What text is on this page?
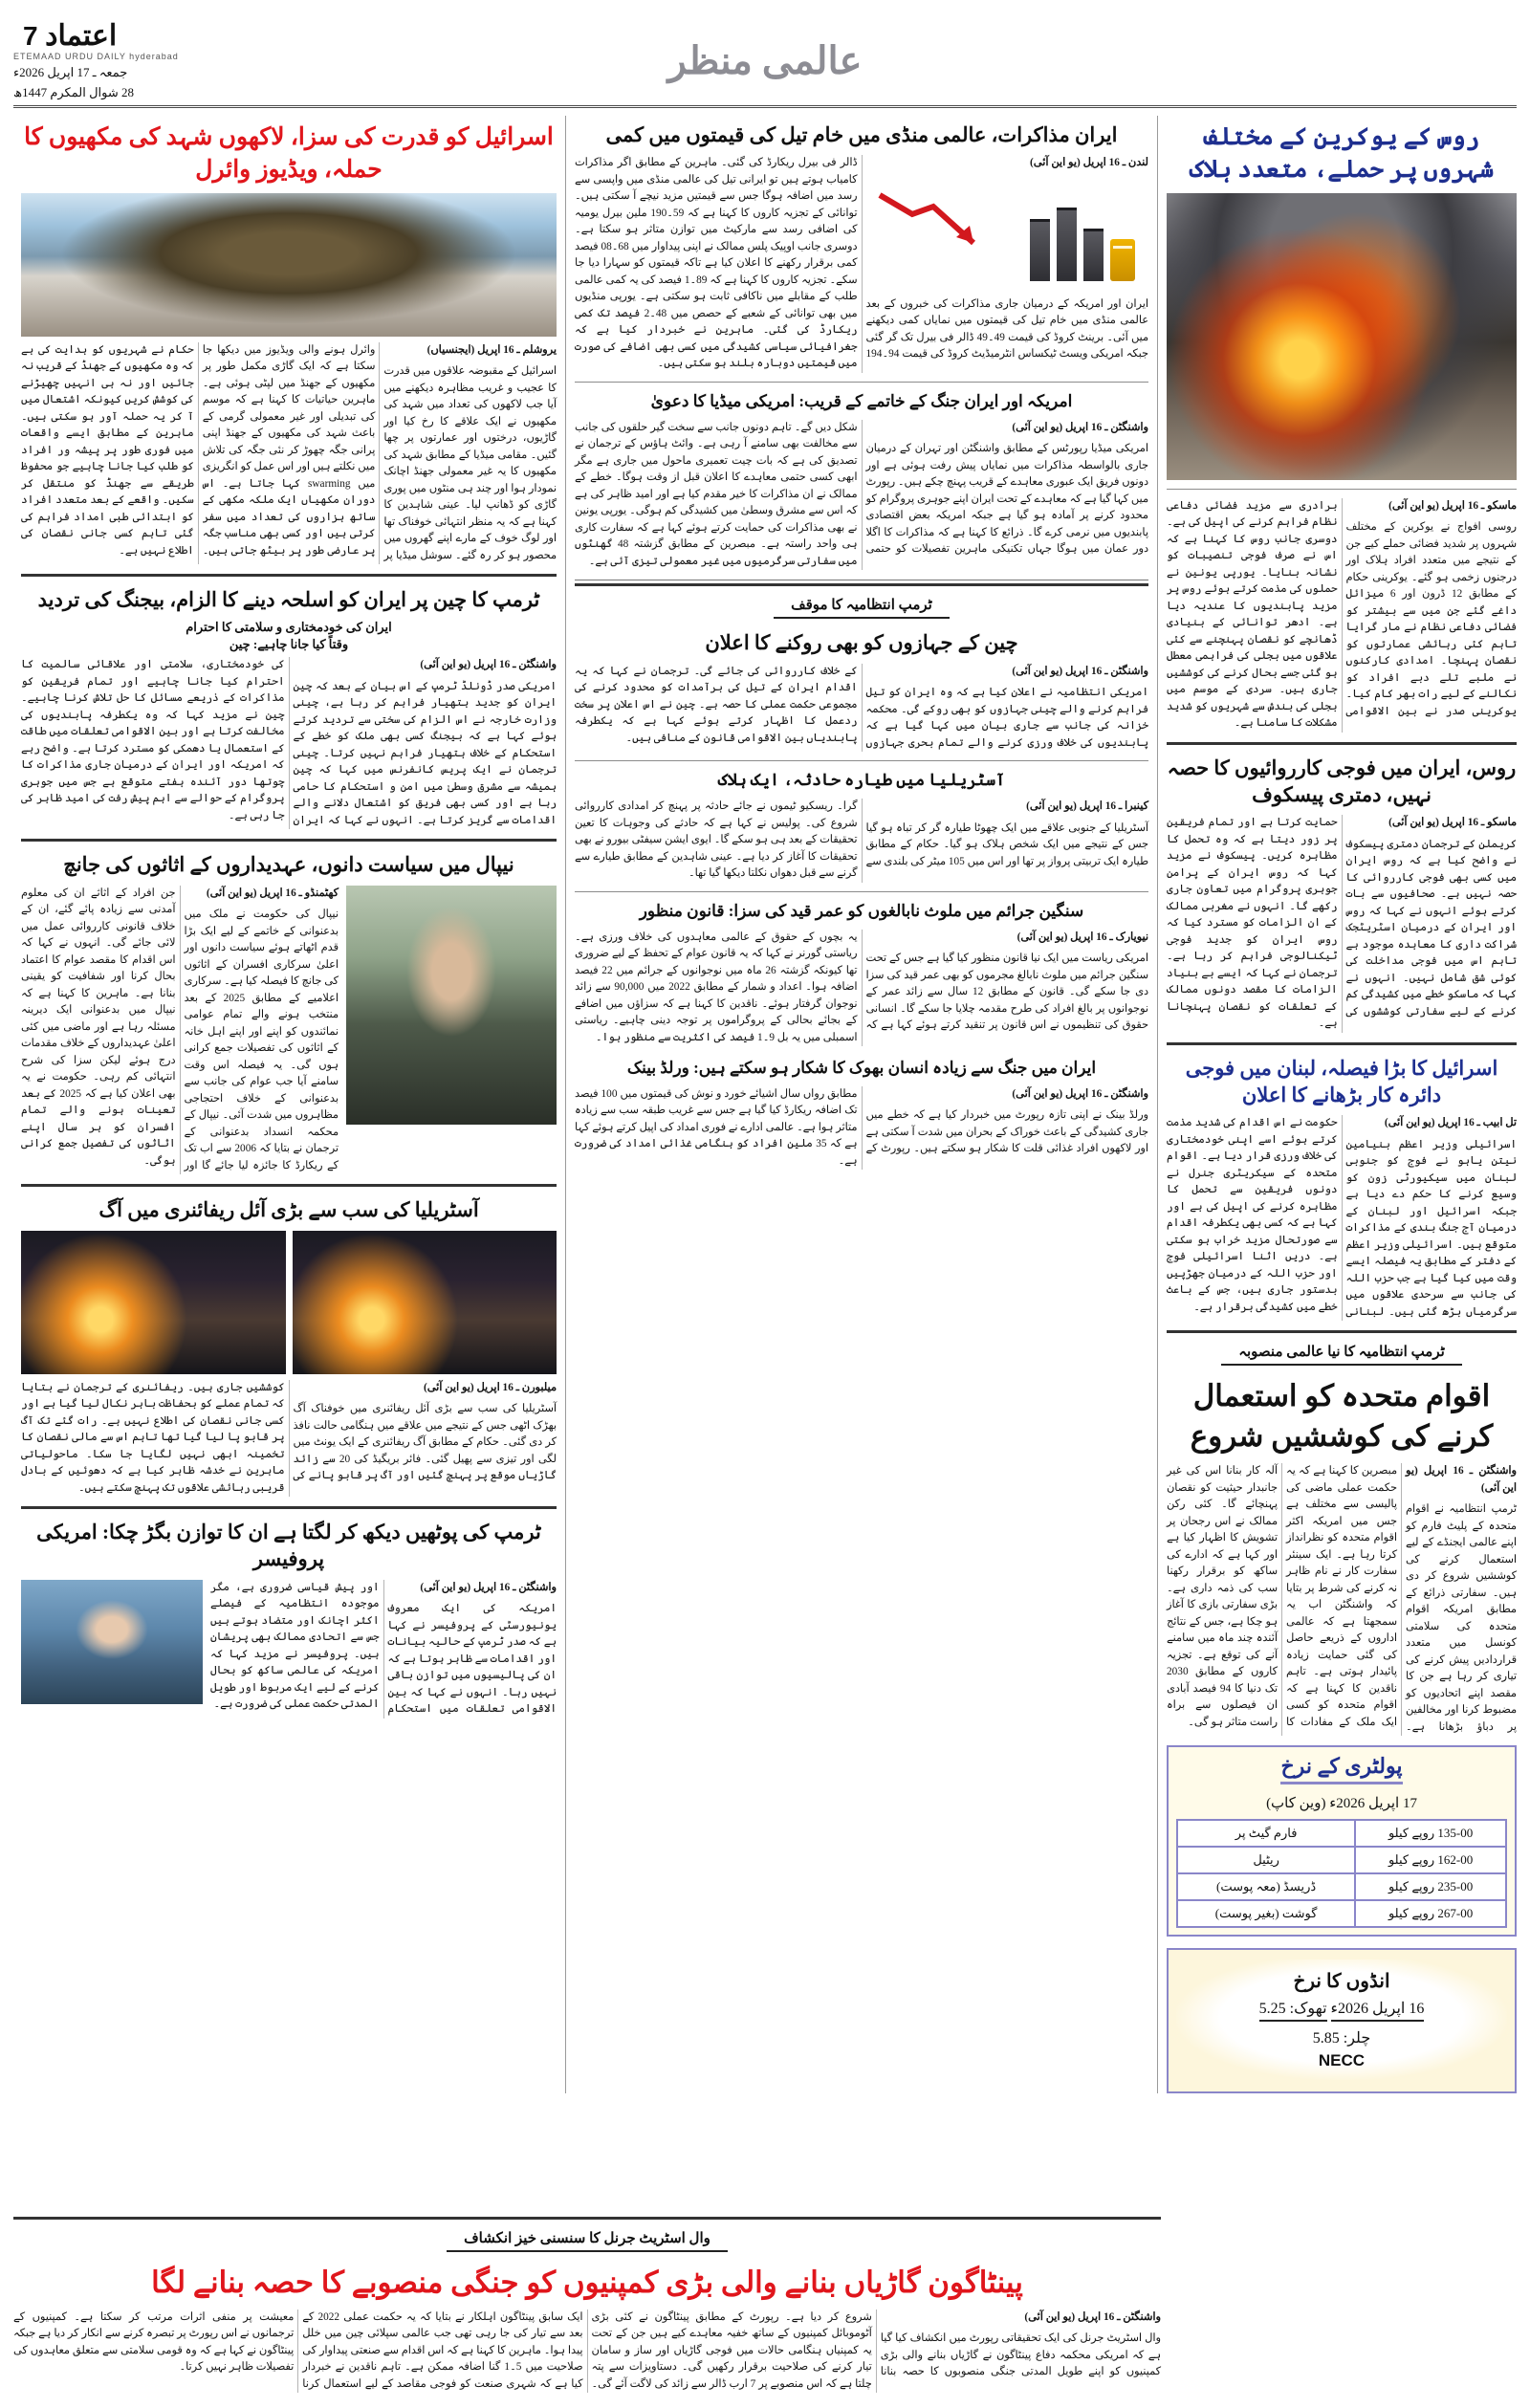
اعتماد 7
ETEMAAD URDU DAILY hyderabad
جمعہ ـ 17 اپریل 2026ء
28 شوال المکرم 1447ھ
عالمی منظر
روس کے یوکرین کے مختلف شہروں پر حملے، متعدد ہلاک

ماسکو ـ 16 اپریل (یو این آئی)

روسی افواج نے یوکرین کے مختلف شہروں پر شدید فضائی حملے کیے جن کے نتیجے میں متعدد افراد ہلاک اور درجنوں زخمی ہو گئے۔ یوکرینی حکام کے مطابق 12 ڈرون اور 6 میزائل داغے گئے جن میں سے بیشتر کو فضائی دفاعی نظام نے مار گرایا تاہم کئی رہائشی عمارتوں کو نقصان پہنچا۔ امدادی کارکنوں نے ملبے تلے دبے افراد کو نکالنے کے لیے رات بھر کام کیا۔ یوکرینی صدر نے بین الاقوامی برادری سے مزید فضائی دفاعی نظام فراہم کرنے کی اپیل کی ہے۔ دوسری جانب روس کا کہنا ہے کہ اس نے صرف فوجی تنصیبات کو نشانہ بنایا۔ یورپی یونین نے حملوں کی مذمت کرتے ہوئے روس پر مزید پابندیوں کا عندیہ دیا ہے۔ ادھر توانائی کے بنیادی ڈھانچے کو نقصان پہنچنے سے کئی علاقوں میں بجلی کی فراہمی معطل ہو گئی جسے بحال کرنے کی کوششیں جاری ہیں۔ سردی کے موسم میں بجلی کی بندش سے شہریوں کو شدید مشکلات کا سامنا ہے۔

روس، ایران میں فوجی کارروائیوں کا حصہ نہیں، دمتری پیسکوف

ماسکو ـ 16 اپریل (یو این آئی)

کریملن کے ترجمان دمتری پیسکوف نے واضح کیا ہے کہ روس ایران میں کسی بھی فوجی کارروائی کا حصہ نہیں ہے۔ صحافیوں سے بات کرتے ہوئے انہوں نے کہا کہ روس اور ایران کے درمیان اسٹریٹجک شراکت داری کا معاہدہ موجود ہے تاہم اس میں فوجی مداخلت کی کوئی شق شامل نہیں۔ انہوں نے کہا کہ ماسکو خطے میں کشیدگی کم کرنے کے لیے سفارتی کوششوں کی حمایت کرتا ہے اور تمام فریقین پر زور دیتا ہے کہ وہ تحمل کا مظاہرہ کریں۔ پیسکوف نے مزید کہا کہ روس ایران کے پرامن جوہری پروگرام میں تعاون جاری رکھے گا۔ انہوں نے مغربی ممالک کے ان الزامات کو مسترد کیا کہ روس ایران کو جدید فوجی ٹیکنالوجی فراہم کر رہا ہے۔ ترجمان نے کہا کہ ایسے بے بنیاد الزامات کا مقصد دونوں ممالک کے تعلقات کو نقصان پہنچانا ہے۔

اسرائیل کا بڑا فیصلہ، لبنان میں فوجی دائرہ کار بڑھانے کا اعلان

تل ابیب ـ 16 اپریل (یو این آئی)

اسرائیلی وزیر اعظم بنیامین نیتن یاہو نے فوج کو جنوبی لبنان میں سیکیورٹی زون کو وسیع کرنے کا حکم دے دیا ہے جبکہ اسرائیل اور لبنان کے درمیان آج جنگ بندی کے مذاکرات متوقع ہیں۔ اسرائیلی وزیر اعظم کے دفتر کے مطابق یہ فیصلہ ایسے وقت میں کیا گیا ہے جب حزب اللہ کی جانب سے سرحدی علاقوں میں سرگرمیاں بڑھ گئی ہیں۔ لبنانی حکومت نے اس اقدام کی شدید مذمت کرتے ہوئے اسے اپنی خودمختاری کی خلاف ورزی قرار دیا ہے۔ اقوام متحدہ کے سیکریٹری جنرل نے دونوں فریقین سے تحمل کا مظاہرہ کرنے کی اپیل کی ہے اور کہا ہے کہ کسی بھی یکطرفہ اقدام سے صورتحال مزید خراب ہو سکتی ہے۔ دریں اثنا اسرائیلی فوج اور حزب اللہ کے درمیان جھڑپیں بدستور جاری ہیں، جس کے باعث خطے میں کشیدگی برقرار ہے۔

ٹرمپ انتظامیہ کا نیا عالمی منصوبہ
اقوام متحدہ کو استعمال کرنے کی کوششیں شروع

واشنگٹن ـ 16 اپریل (یو این آئی)

ٹرمپ انتظامیہ نے اقوام متحدہ کے پلیٹ فارم کو اپنے عالمی ایجنڈے کے لیے استعمال کرنے کی کوششیں شروع کر دی ہیں۔ سفارتی ذرائع کے مطابق امریکہ اقوام متحدہ کی سلامتی کونسل میں متعدد قراردادیں پیش کرنے کی تیاری کر رہا ہے جن کا مقصد اپنے اتحادیوں کو مضبوط کرنا اور مخالفین پر دباؤ بڑھانا ہے۔ مبصرین کا کہنا ہے کہ یہ حکمت عملی ماضی کی پالیسی سے مختلف ہے جس میں امریکہ اکثر اقوام متحدہ کو نظرانداز کرتا رہا ہے۔ ایک سینئر سفارت کار نے نام ظاہر نہ کرنے کی شرط پر بتایا کہ واشنگٹن اب یہ سمجھتا ہے کہ عالمی اداروں کے ذریعے حاصل کی گئی حمایت زیادہ پائیدار ہوتی ہے۔ تاہم ناقدین کا کہنا ہے کہ اقوام متحدہ کو کسی ایک ملک کے مفادات کا آلہ کار بنانا اس کی غیر جانبدار حیثیت کو نقصان پہنچائے گا۔ کئی رکن ممالک نے اس رجحان پر تشویش کا اظہار کیا ہے اور کہا ہے کہ ادارے کی ساکھ کو برقرار رکھنا سب کی ذمہ داری ہے۔ بڑی سفارتی بازی کا آغاز ہو چکا ہے، جس کے نتائج آئندہ چند ماہ میں سامنے آنے کی توقع ہے۔ تجزیہ کاروں کے مطابق 2030 تک دنیا کا 94 فیصد آبادی ان فیصلوں سے براہ راست متاثر ہو گی۔

پولٹری کے نرخ
17 اپریل 2026ء (وین کاپ)
135-00 روپے کیلو	فارم گیٹ پر
162-00 روپے کیلو	ریٹیل
235-00 روپے کیلو	ڈریسڈ (معہ پوست)
267-00 روپے کیلو	گوشت (بغیر پوست)
انڈوں کا نرخ
16 اپریل 2026ء تھوک: 5.25
چلر: 5.85
NECC
ایران مذاکرات، عالمی منڈی میں خام تیل کی قیمتوں میں کمی

لندن ـ 16 اپریل (یو این آئی)

ایران اور امریکہ کے درمیان جاری مذاکرات کی خبروں کے بعد عالمی منڈی میں خام تیل کی قیمتوں میں نمایاں کمی دیکھنے میں آئی۔ برینٹ کروڈ کی قیمت 49۔49 ڈالر فی بیرل تک گر گئی جبکہ امریکی ویسٹ ٹیکساس انٹرمیڈیٹ کروڈ کی قیمت 94۔194 ڈالر فی بیرل ریکارڈ کی گئی۔ ماہرین کے مطابق اگر مذاکرات کامیاب ہوتے ہیں تو ایرانی تیل کی عالمی منڈی میں واپسی سے رسد میں اضافہ ہوگا جس سے قیمتیں مزید نیچے آ سکتی ہیں۔ توانائی کے تجزیہ کاروں کا کہنا ہے کہ 59۔190 ملین بیرل یومیہ کی اضافی رسد سے مارکیٹ میں توازن متاثر ہو سکتا ہے۔ دوسری جانب اوپیک پلس ممالک نے اپنی پیداوار میں 68۔08 فیصد کمی برقرار رکھنے کا اعلان کیا ہے تاکہ قیمتوں کو سہارا دیا جا سکے۔ تجزیہ کاروں کا کہنا ہے کہ 89۔1 فیصد کی یہ کمی عالمی طلب کے مقابلے میں ناکافی ثابت ہو سکتی ہے۔ یورپی منڈیوں میں بھی توانائی کے شعبے کے حصص میں 48۔2 فیصد تک کمی ریکارڈ کی گئی۔ ماہرین نے خبردار کیا ہے کہ جغرافیائی سیاسی کشیدگی میں کسی بھی اضافے کی صورت میں قیمتیں دوبارہ بلند ہو سکتی ہیں۔

امریکہ اور ایران جنگ کے خاتمے کے قریب: امریکی میڈیا کا دعویٰ

واشنگٹن ـ 16 اپریل (یو این آئی)

امریکی میڈیا رپورٹس کے مطابق واشنگٹن اور تہران کے درمیان جاری بالواسطہ مذاکرات میں نمایاں پیش رفت ہوئی ہے اور دونوں فریق ایک عبوری معاہدے کے قریب پہنچ چکے ہیں۔ رپورٹ میں کہا گیا ہے کہ معاہدے کے تحت ایران اپنے جوہری پروگرام کو محدود کرنے پر آمادہ ہو گیا ہے جبکہ امریکہ بعض اقتصادی پابندیوں میں نرمی کرے گا۔ ذرائع کا کہنا ہے کہ مذاکرات کا اگلا دور عمان میں ہوگا جہاں تکنیکی ماہرین تفصیلات کو حتمی شکل دیں گے۔ تاہم دونوں جانب سے سخت گیر حلقوں کی جانب سے مخالفت بھی سامنے آ رہی ہے۔ وائٹ ہاؤس کے ترجمان نے تصدیق کی ہے کہ بات چیت تعمیری ماحول میں جاری ہے مگر ابھی کسی حتمی معاہدے کا اعلان قبل از وقت ہوگا۔ خطے کے ممالک نے ان مذاکرات کا خیر مقدم کیا ہے اور امید ظاہر کی ہے کہ اس سے مشرق وسطیٰ میں کشیدگی کم ہوگی۔ یورپی یونین نے بھی مذاکرات کی حمایت کرتے ہوئے کہا ہے کہ سفارت کاری ہی واحد راستہ ہے۔ مبصرین کے مطابق گزشتہ 48 گھنٹوں میں سفارتی سرگرمیوں میں غیر معمولی تیزی آئی ہے۔

ٹرمپ انتظامیہ کا موقف
چین کے جہازوں کو بھی روکنے کا اعلان

واشنگٹن ـ 16 اپریل (یو این آئی)

امریکی انتظامیہ نے اعلان کیا ہے کہ وہ ایران کو تیل فراہم کرنے والے چینی جہازوں کو بھی روکے گی۔ محکمہ خزانہ کی جانب سے جاری بیان میں کہا گیا ہے کہ پابندیوں کی خلاف ورزی کرنے والے تمام بحری جہازوں کے خلاف کارروائی کی جائے گی۔ ترجمان نے کہا کہ یہ اقدام ایران کے تیل کی برآمدات کو محدود کرنے کی مجموعی حکمت عملی کا حصہ ہے۔ چین نے اس اعلان پر سخت ردعمل کا اظہار کرتے ہوئے کہا ہے کہ یکطرفہ پابندیاں بین الاقوامی قانون کے منافی ہیں۔

آسٹریلیا میں طیارہ حادثہ، ایک ہلاک

کینبرا ـ 16 اپریل (یو این آئی)

آسٹریلیا کے جنوبی علاقے میں ایک چھوٹا طیارہ گر کر تباہ ہو گیا جس کے نتیجے میں ایک شخص ہلاک ہو گیا۔ حکام کے مطابق طیارہ ایک تربیتی پرواز پر تھا اور اس میں 105 میٹر کی بلندی سے گرا۔ ریسکیو ٹیموں نے جائے حادثہ پر پہنچ کر امدادی کارروائی شروع کی۔ پولیس نے کہا ہے کہ حادثے کی وجوہات کا تعین تحقیقات کے بعد ہی ہو سکے گا۔ ایوی ایشن سیفٹی بیورو نے بھی تحقیقات کا آغاز کر دیا ہے۔ عینی شاہدین کے مطابق طیارے سے گرنے سے قبل دھواں نکلتا دیکھا گیا تھا۔

سنگین جرائم میں ملوث نابالغوں کو عمر قید کی سزا: قانون منظور

نیویارک ـ 16 اپریل (یو این آئی)

امریکی ریاست میں ایک نیا قانون منظور کیا گیا ہے جس کے تحت سنگین جرائم میں ملوث نابالغ مجرموں کو بھی عمر قید کی سزا دی جا سکے گی۔ قانون کے مطابق 12 سال سے زائد عمر کے نوجوانوں پر بالغ افراد کی طرح مقدمہ چلایا جا سکے گا۔ انسانی حقوق کی تنظیموں نے اس قانون پر تنقید کرتے ہوئے کہا ہے کہ یہ بچوں کے حقوق کے عالمی معاہدوں کی خلاف ورزی ہے۔ ریاستی گورنر نے کہا کہ یہ قانون عوام کے تحفظ کے لیے ضروری تھا کیونکہ گزشتہ 26 ماہ میں نوجوانوں کے جرائم میں 22 فیصد اضافہ ہوا۔ اعداد و شمار کے مطابق 2022 میں 90,000 سے زائد نوجوان گرفتار ہوئے۔ ناقدین کا کہنا ہے کہ سزاؤں میں اضافے کے بجائے بحالی کے پروگراموں پر توجہ دینی چاہیے۔ ریاستی اسمبلی میں یہ بل 9۔1 فیصد کی اکثریت سے منظور ہوا۔

ایران میں جنگ سے زیادہ انسان بھوک کا شکار ہو سکتے ہیں: ورلڈ بینک

واشنگٹن ـ 16 اپریل (یو این آئی)

ورلڈ بینک نے اپنی تازہ رپورٹ میں خبردار کیا ہے کہ خطے میں جاری کشیدگی کے باعث خوراک کے بحران میں شدت آ سکتی ہے اور لاکھوں افراد غذائی قلت کا شکار ہو سکتے ہیں۔ رپورٹ کے مطابق رواں سال اشیائے خورد و نوش کی قیمتوں میں 100 فیصد تک اضافہ ریکارڈ کیا گیا ہے جس سے غریب طبقہ سب سے زیادہ متاثر ہوا ہے۔ عالمی ادارے نے فوری امداد کی اپیل کرتے ہوئے کہا ہے کہ 35 ملین افراد کو ہنگامی غذائی امداد کی ضرورت ہے۔

اسرائیل کو قدرت کی سزا، لاکھوں شہد کی مکھیوں کا حملہ، ویڈیوز وائرل

یروشلم ـ 16 اپریل (ایجنسیاں)

اسرائیل کے مقبوضہ علاقوں میں قدرت کا عجیب و غریب مظاہرہ دیکھنے میں آیا جب لاکھوں کی تعداد میں شہد کی مکھیوں نے ایک علاقے کا رخ کیا اور گاڑیوں، درختوں اور عمارتوں پر چھا گئیں۔ مقامی میڈیا کے مطابق شہد کی مکھیوں کا یہ غیر معمولی جھنڈ اچانک نمودار ہوا اور چند ہی منٹوں میں پوری گاڑی کو ڈھانپ لیا۔ عینی شاہدین کا کہنا ہے کہ یہ منظر انتہائی خوفناک تھا اور لوگ خوف کے مارے اپنے گھروں میں محصور ہو کر رہ گئے۔ سوشل میڈیا پر وائرل ہونے والی ویڈیوز میں دیکھا جا سکتا ہے کہ ایک گاڑی مکمل طور پر مکھیوں کے جھنڈ میں لپٹی ہوئی ہے۔ ماہرین حیاتیات کا کہنا ہے کہ موسم کی تبدیلی اور غیر معمولی گرمی کے باعث شہد کی مکھیوں کے جھنڈ اپنی پرانی جگہ چھوڑ کر نئی جگہ کی تلاش میں نکلتے ہیں اور اس عمل کو انگریزی میں swarming کہا جاتا ہے۔ اس دوران مکھیاں ایک ملکہ مکھی کے ساتھ ہزاروں کی تعداد میں سفر کرتی ہیں اور کسی بھی مناسب جگہ پر عارضی طور پر بیٹھ جاتی ہیں۔ حکام نے شہریوں کو ہدایت کی ہے کہ وہ مکھیوں کے جھنڈ کے قریب نہ جائیں اور نہ ہی انہیں چھیڑنے کی کوشش کریں کیونکہ اشتعال میں آ کر یہ حملہ آور ہو سکتی ہیں۔ ماہرین کے مطابق ایسے واقعات میں فوری طور پر پیشہ ور افراد کو طلب کیا جانا چاہیے جو محفوظ طریقے سے جھنڈ کو منتقل کر سکیں۔ واقعے کے بعد متعدد افراد کو ابتدائی طبی امداد فراہم کی گئی تاہم کسی جانی نقصان کی اطلاع نہیں ہے۔

ٹرمپ کا چین پر ایران کو اسلحہ دینے کا الزام، بیجنگ کی تردید
ایران کی خودمختاری و سلامتی کا احترام
وقتاً کیا جانا چاہیے: چین

واشنگٹن ـ 16 اپریل (یو این آئی)

امریکی صدر ڈونلڈ ٹرمپ کے اس بیان کے بعد کہ چین ایران کو جدید ہتھیار فراہم کر رہا ہے، چینی وزارت خارجہ نے اس الزام کی سختی سے تردید کرتے ہوئے کہا ہے کہ بیجنگ کسی بھی ملک کو خطے کے استحکام کے خلاف ہتھیار فراہم نہیں کرتا۔ چینی ترجمان نے ایک پریس کانفرنس میں کہا کہ چین ہمیشہ سے مشرق وسطیٰ میں امن و استحکام کا حامی رہا ہے اور کسی بھی فریق کو اشتعال دلانے والے اقدامات سے گریز کرتا ہے۔ انہوں نے کہا کہ ایران کی خودمختاری، سلامتی اور علاقائی سالمیت کا احترام کیا جانا چاہیے اور تمام فریقین کو مذاکرات کے ذریعے مسائل کا حل تلاش کرنا چاہیے۔ چین نے مزید کہا کہ وہ یکطرفہ پابندیوں کی مخالفت کرتا ہے اور بین الاقوامی تعلقات میں طاقت کے استعمال یا دھمکی کو مسترد کرتا ہے۔ واضح رہے کہ امریکہ اور ایران کے درمیان جاری مذاکرات کا چوتھا دور آئندہ ہفتے متوقع ہے جس میں جوہری پروگرام کے حوالے سے اہم پیش رفت کی امید ظاہر کی جا رہی ہے۔

نیپال میں سیاست دانوں، عہدیداروں کے اثاثوں کی جانچ

کھٹمنڈو ـ 16 اپریل (یو این آئی)

نیپال کی حکومت نے ملک میں بدعنوانی کے خاتمے کے لیے ایک بڑا قدم اٹھاتے ہوئے سیاست دانوں اور اعلیٰ سرکاری افسران کے اثاثوں کی جانچ کا فیصلہ کیا ہے۔ سرکاری اعلامیے کے مطابق 2025 کے بعد منتخب ہونے والے تمام عوامی نمائندوں کو اپنے اور اپنے اہل خانہ کے اثاثوں کی تفصیلات جمع کرانی ہوں گی۔ یہ فیصلہ اس وقت سامنے آیا جب عوام کی جانب سے بدعنوانی کے خلاف احتجاجی مظاہروں میں شدت آئی۔ نیپال کے محکمہ انسداد بدعنوانی کے ترجمان نے بتایا کہ 2006 سے اب تک کے ریکارڈ کا جائزہ لیا جائے گا اور جن افراد کے اثاثے ان کی معلوم آمدنی سے زیادہ پائے گئے، ان کے خلاف قانونی کارروائی عمل میں لائی جائے گی۔ انہوں نے کہا کہ اس اقدام کا مقصد عوام کا اعتماد بحال کرنا اور شفافیت کو یقینی بنانا ہے۔ ماہرین کا کہنا ہے کہ نیپال میں بدعنوانی ایک دیرینہ مسئلہ رہا ہے اور ماضی میں کئی اعلیٰ عہدیداروں کے خلاف مقدمات درج ہوئے لیکن سزا کی شرح انتہائی کم رہی۔ حکومت نے یہ بھی اعلان کیا ہے کہ 2025 کے بعد تعینات ہونے والے تمام افسران کو ہر سال اپنے اثاثوں کی تفصیل جمع کرانی ہوگی۔

آسٹریلیا کی سب سے بڑی آئل ریفائنری میں آگ

میلبورن ـ 16 اپریل (یو این آئی)

آسٹریلیا کی سب سے بڑی آئل ریفائنری میں خوفناک آگ بھڑک اٹھی جس کے نتیجے میں علاقے میں ہنگامی حالت نافذ کر دی گئی۔ حکام کے مطابق آگ ریفائنری کے ایک یونٹ میں لگی اور تیزی سے پھیل گئی۔ فائر بریگیڈ کی 20 سے زائد گاڑیاں موقع پر پہنچ گئیں اور آگ پر قابو پانے کی کوششیں جاری ہیں۔ ریفائنری کے ترجمان نے بتایا کہ تمام عملے کو بحفاظت باہر نکال لیا گیا ہے اور کسی جانی نقصان کی اطلاع نہیں ہے۔ رات گئے تک آگ پر قابو پا لیا گیا تھا تاہم اس سے مالی نقصان کا تخمینہ ابھی نہیں لگایا جا سکا۔ ماحولیاتی ماہرین نے خدشہ ظاہر کیا ہے کہ دھوئیں کے بادل قریبی رہائشی علاقوں تک پہنچ سکتے ہیں۔

ٹرمپ کی پوٹھیں دیکھ کر لگتا ہے ان کا توازن بگڑ چکا: امریکی پروفیسر

واشنگٹن ـ 16 اپریل (یو این آئی)

امریکہ کی ایک معروف یونیورسٹی کے پروفیسر نے کہا ہے کہ صدر ٹرمپ کے حالیہ بیانات اور اقدامات سے ظاہر ہوتا ہے کہ ان کی پالیسیوں میں توازن باقی نہیں رہا۔ انہوں نے کہا کہ بین الاقوامی تعلقات میں استحکام اور پیش قیاسی ضروری ہے، مگر موجودہ انتظامیہ کے فیصلے اکثر اچانک اور متضاد ہوتے ہیں جس سے اتحادی ممالک بھی پریشان ہیں۔ پروفیسر نے مزید کہا کہ امریکہ کی عالمی ساکھ کو بحال کرنے کے لیے ایک مربوط اور طویل المدتی حکمت عملی کی ضرورت ہے۔

وال اسٹریٹ جرنل کا سنسنی خیز انکشاف
پینٹاگون گاڑیاں بنانے والی بڑی کمپنیوں کو جنگی منصوبے کا حصہ بنانے لگا

واشنگٹن ـ 16 اپریل (یو این آئی)

وال اسٹریٹ جرنل کی ایک تحقیقاتی رپورٹ میں انکشاف کیا گیا ہے کہ امریکی محکمہ دفاع پینٹاگون نے گاڑیاں بنانے والی بڑی کمپنیوں کو اپنے طویل المدتی جنگی منصوبوں کا حصہ بنانا شروع کر دیا ہے۔ رپورٹ کے مطابق پینٹاگون نے کئی بڑی آٹوموبائل کمپنیوں کے ساتھ خفیہ معاہدے کیے ہیں جن کے تحت یہ کمپنیاں ہنگامی حالات میں فوجی گاڑیاں اور ساز و سامان تیار کرنے کی صلاحیت برقرار رکھیں گی۔ دستاویزات سے پتہ چلتا ہے کہ اس منصوبے پر 7 ارب ڈالر سے زائد کی لاگت آئے گی۔ ایک سابق پینٹاگون اہلکار نے بتایا کہ یہ حکمت عملی 2022 کے بعد سے تیار کی جا رہی تھی جب عالمی سپلائی چین میں خلل پیدا ہوا۔ ماہرین کا کہنا ہے کہ اس اقدام سے صنعتی پیداوار کی صلاحیت میں 5۔1 گنا اضافہ ممکن ہے۔ تاہم ناقدین نے خبردار کیا ہے کہ شہری صنعت کو فوجی مقاصد کے لیے استعمال کرنا معیشت پر منفی اثرات مرتب کر سکتا ہے۔ کمپنیوں کے ترجمانوں نے اس رپورٹ پر تبصرہ کرنے سے انکار کر دیا ہے جبکہ پینٹاگون نے کہا ہے کہ وہ قومی سلامتی سے متعلق معاہدوں کی تفصیلات ظاہر نہیں کرتا۔
